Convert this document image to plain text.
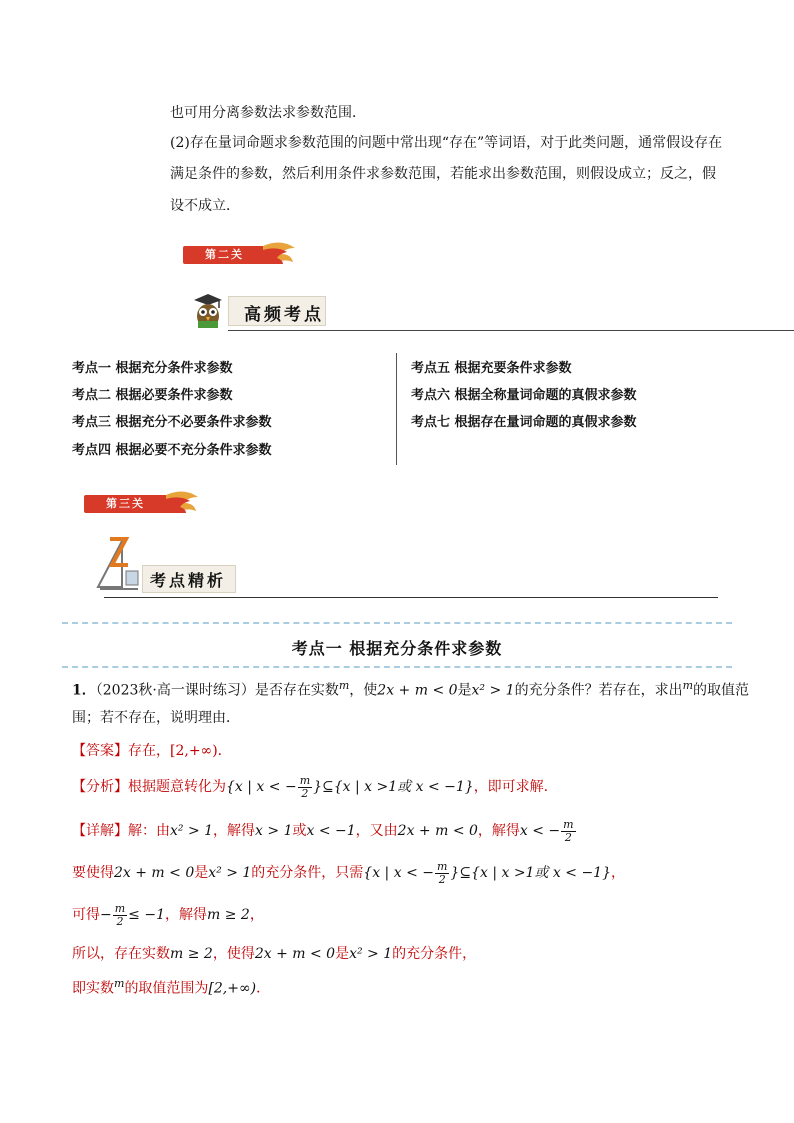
也可用分离参数法求参数范围．
(2)存在量词命题求参数范围的问题中常出现“存在”等词语，对于此类问题，通常假设存在
满足条件的参数，然后利用条件求参数范围，若能求出参数范围，则假设成立；反之，假
设不成立．
第二关
高频考点
考点一 根据充分条件求参数
考点二 根据必要条件求参数
考点三 根据充分不必要条件求参数
考点四 根据必要不充分条件求参数
考点五 根据充要条件求参数
考点六 根据全称量词命题的真假求参数
考点七 根据存在量词命题的真假求参数
第三关
考点精析
考点一 根据充分条件求参数
1．（2023秋·高一课时练习）是否存在实数$^m$，使2x + m < 0是x² > 1的充分条件？若存在，求出$^m$的取值范
围；若不存在，说明理由．
【答案】存在，[2,+∞)．
【分析】根据题意转化为{x | x < − $\frac{m}{2}$ }⊆{x | x >1或 x < −1}，即可求解.
【详解】解：由x² > 1，解得x > 1或x < −1，又由2x + m < 0，解得x < − $\frac{m}{2}$
要使得2x + m < 0是x² > 1的充分条件，只需{x | x < − $\frac{m}{2}$ }⊆{x | x >1或 x < −1}，
可得− $\frac{m}{2} \le -1$，解得m ≥ 2，
所以，存在实数m ≥ 2，使得2x + m < 0是x² > 1的充分条件，
即实数$^m$的取值范围为[2,+∞)．
